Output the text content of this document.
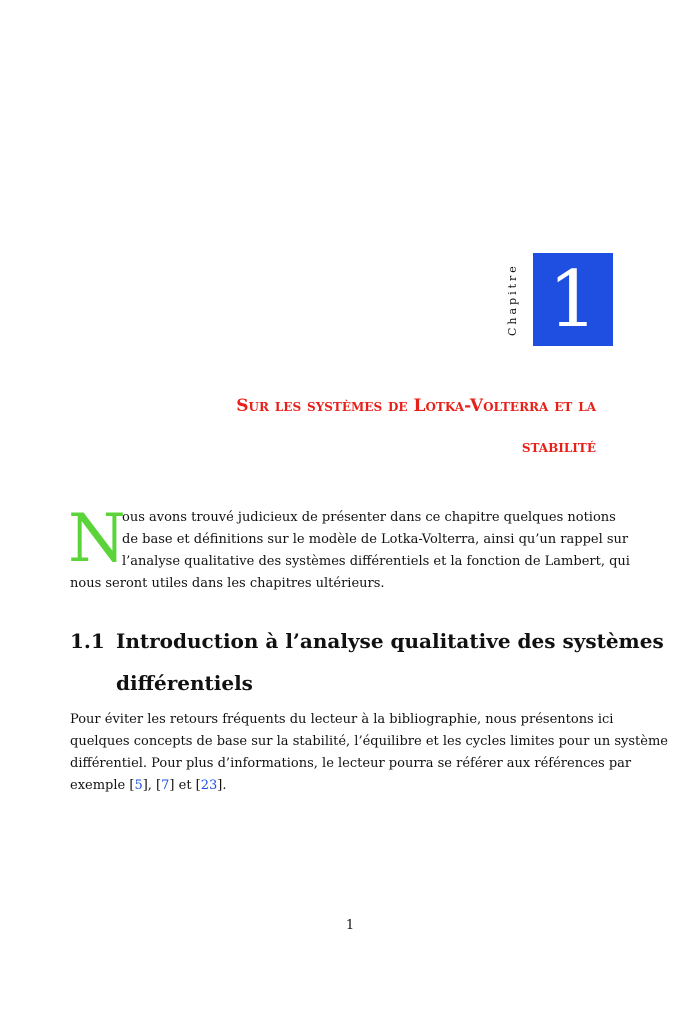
Chapitre 1
Sur les systèmes de Lotka-Volterra et la
stabilité
N
ous avons trouvé judicieux de présenter dans ce chapitre quelques notions
de base et définitions sur le modèle de Lotka-Volterra, ainsi qu’un rappel sur
l’analyse qualitative des systèmes différentiels et la fonction de Lambert, qui
nous seront utiles dans les chapitres ultérieurs.
1.1 Introduction à l’analyse qualitative des systèmes
différentiels
Pour éviter les retours fréquents du lecteur à la bibliographie, nous présentons ici
quelques concepts de base sur la stabilité, l’équilibre et les cycles limites pour un système
différentiel. Pour plus d’informations, le lecteur pourra se référer aux références par
exemple [5], [7] et [23].
1
